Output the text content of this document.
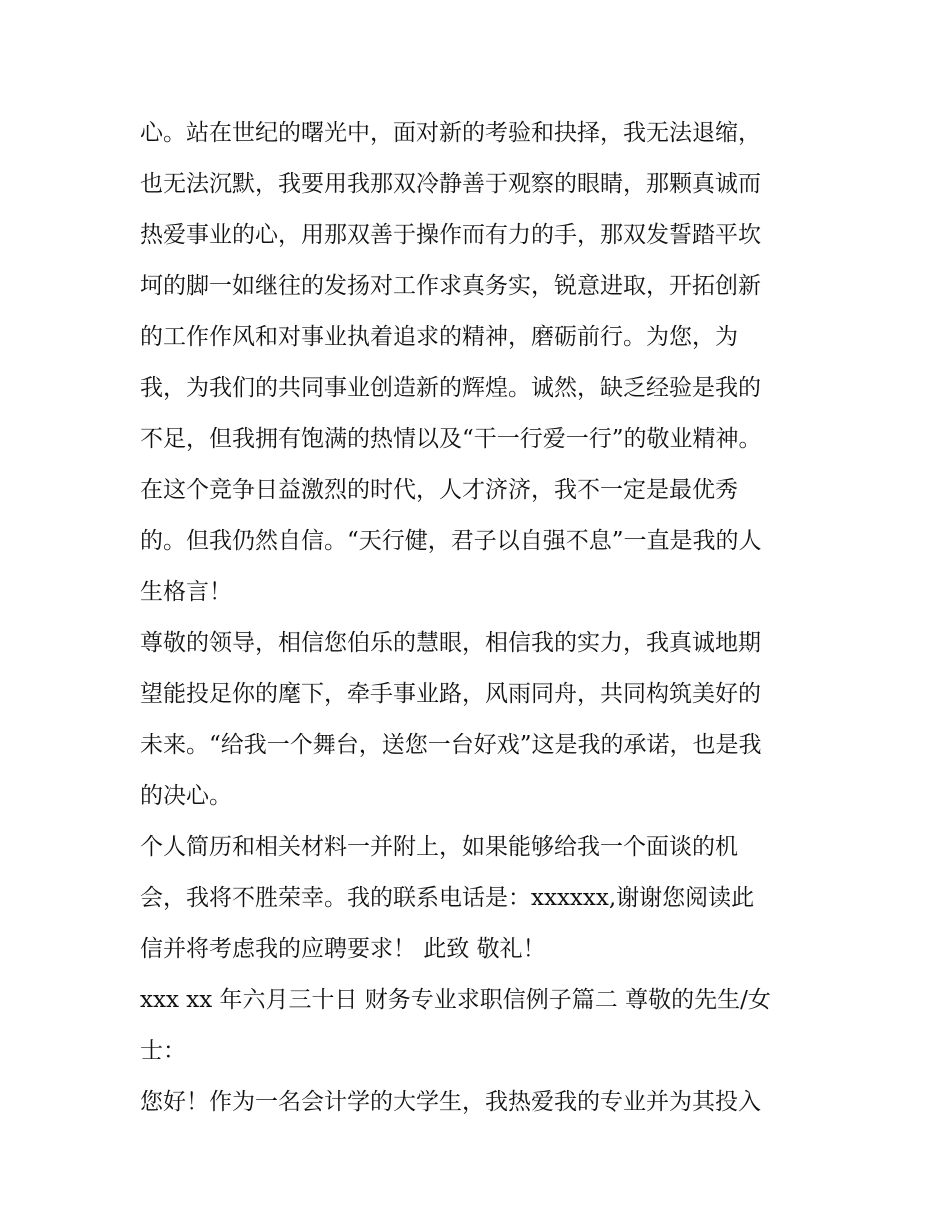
心。站在世纪的曙光中，面对新的考验和抉择，我无法退缩，
也无法沉默，我要用我那双冷静善于观察的眼睛，那颗真诚而
热爱事业的心，用那双善于操作而有力的手，那双发誓踏平坎
坷的脚一如继往的发扬对工作求真务实，锐意进取，开拓创新
的工作作风和对事业执着追求的精神，磨砺前行。为您，为
我，为我们的共同事业创造新的辉煌。诚然，缺乏经验是我的
不足，但我拥有饱满的热情以及“干一行爱一行”的敬业精神。
在这个竞争日益激烈的时代，人才济济，我不一定是最优秀
的。但我仍然自信。“天行健，君子以自强不息”一直是我的人
生格言！
尊敬的领导，相信您伯乐的慧眼，相信我的实力，我真诚地期
望能投足你的麾下，牵手事业路，风雨同舟，共同构筑美好的
未来。“给我一个舞台，送您一台好戏”这是我的承诺，也是我
的决心。
个人简历和相关材料一并附上，如果能够给我一个面谈的机
会，我将不胜荣幸。我的联系电话是：xxxxxx,谢谢您阅读此
信并将考虑我的应聘要求！ 此致 敬礼！
xxx xx 年六月三十日 财务专业求职信例子篇二 尊敬的先生/女
士：
您好！作为一名会计学的大学生，我热爱我的专业并为其投入
